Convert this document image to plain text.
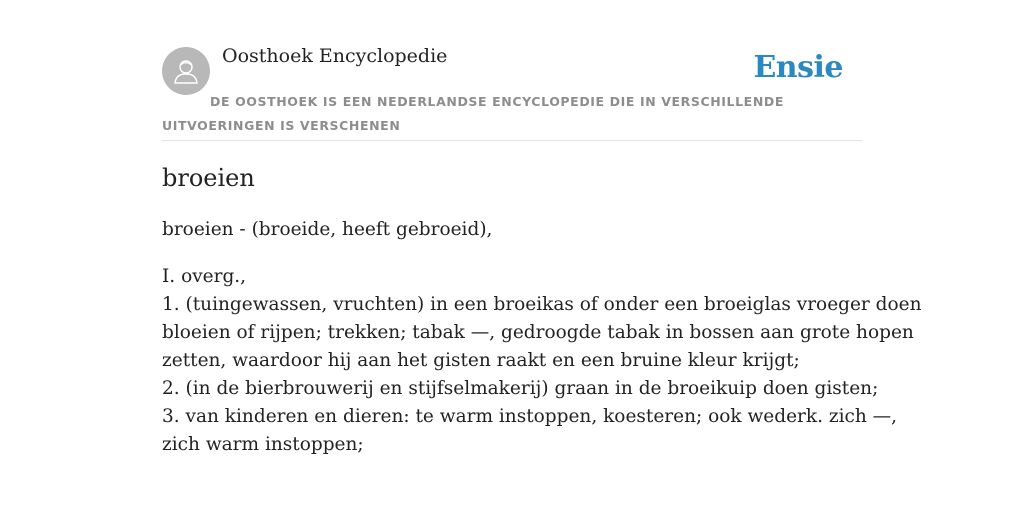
Oosthoek Encyclopedie	Ensie
DE OOSTHOEK IS EEN NEDERLANDSE ENCYCLOPEDIE DIE IN VERSCHILLENDE UITVOERINGEN IS VERSCHENEN
broeien

broeien - (broeide, heeft gebroeid),

I. overg.,
1. (tuingewassen, vruchten) in een broeikas of onder een broeiglas vroeger doen
bloeien of rijpen; trekken; tabak —, gedroogde tabak in bossen aan grote hopen
zetten, waardoor hij aan het gisten raakt en een bruine kleur krijgt;
2. (in de bierbrouwerij en stijfselmakerij) graan in de broeikuip doen gisten;
3. van kinderen en dieren: te warm instoppen, koesteren; ook wederk. zich —,
zich warm instoppen;
